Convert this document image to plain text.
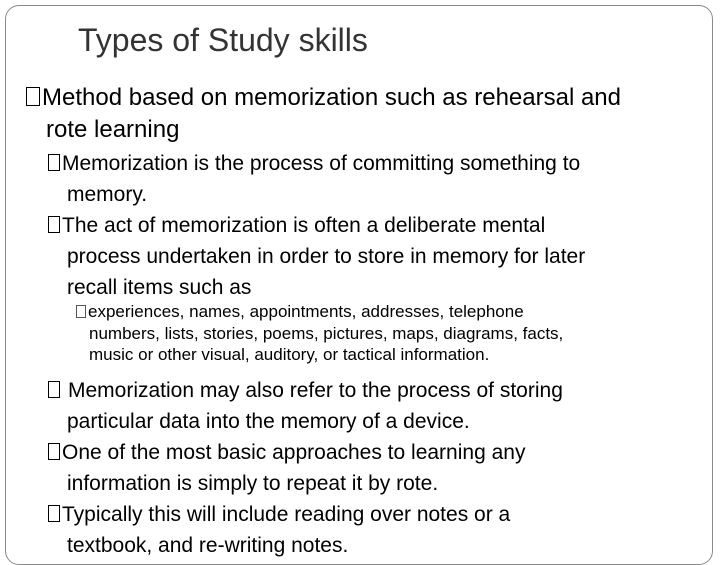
Types of Study skills
Method based on memorization such as rehearsal and
rote learning
Memorization is the process of committing something to
memory.
The act of memorization is often a deliberate mental
process undertaken in order to store in memory for later
recall items such as
experiences, names, appointments, addresses, telephone
numbers, lists, stories, poems, pictures, maps, diagrams, facts,
music or other visual, auditory, or tactical information.
Memorization may also refer to the process of storing
particular data into the memory of a device.
One of the most basic approaches to learning any
information is simply to repeat it by rote.
Typically this will include reading over notes or a
textbook, and re-writing notes.
